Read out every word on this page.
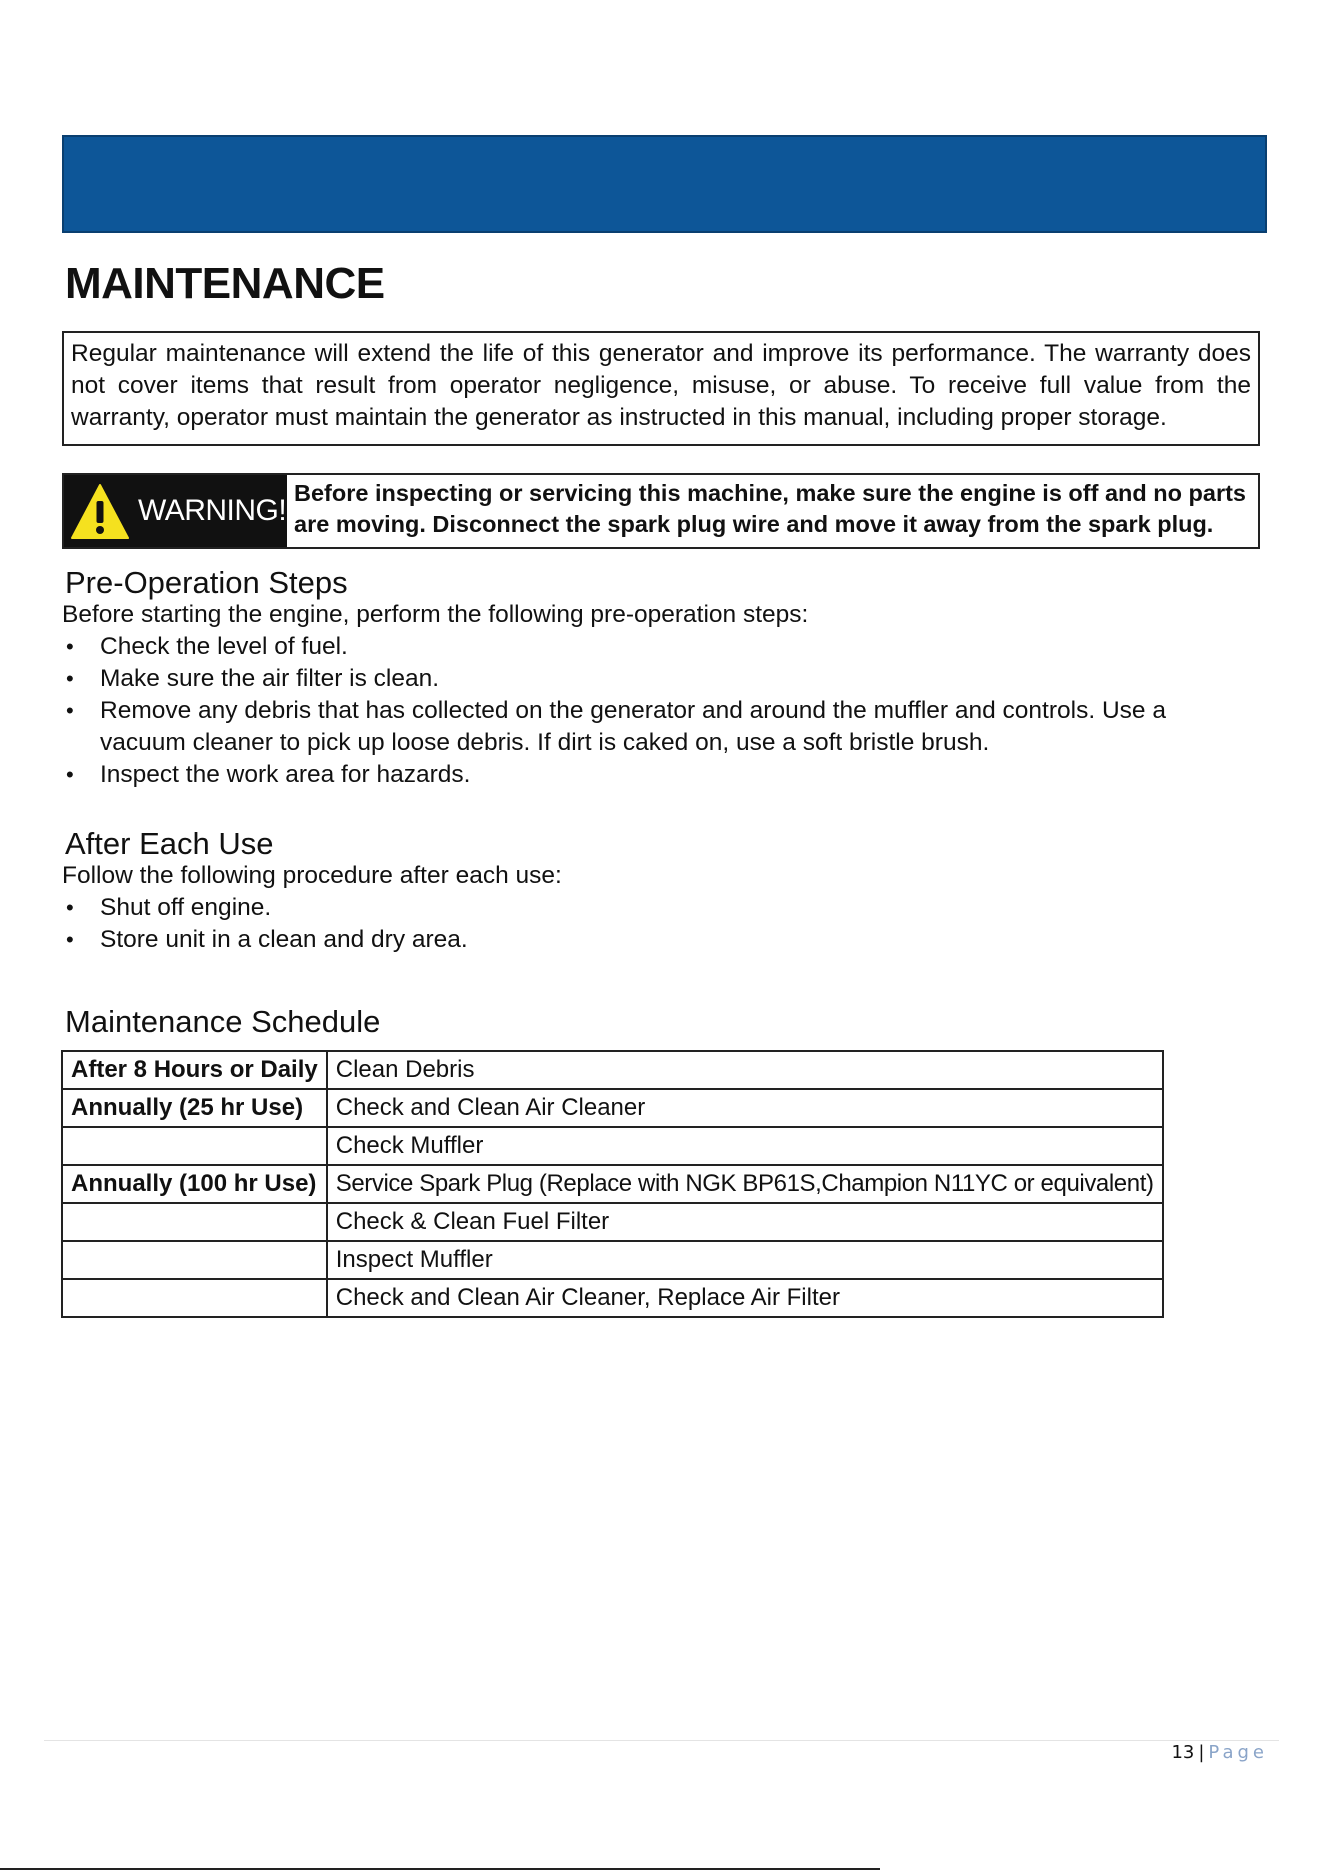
MAINTENANCE
Regular maintenance will extend the life of this generator and improve its performance. The warranty does not cover items that result from operator negligence, misuse, or abuse. To receive full value from the warranty, operator must maintain the generator as instructed in this manual, including proper storage.
WARNING!
Before inspecting or servicing this machine, make sure the engine is off and no parts are moving. Disconnect the spark plug wire and move it away from the spark plug.
Pre-Operation Steps

Before starting the engine, perform the following pre-operation steps:

• Check the level of fuel.
• Make sure the air filter is clean.
• Remove any debris that has collected on the generator and around the muffler and controls. Use a vacuum cleaner to pick up loose debris. If dirt is caked on, use a soft bristle brush.
• Inspect the work area for hazards.
After Each Use

Follow the following procedure after each use:

• Shut off engine.
• Store unit in a clean and dry area.
Maintenance Schedule
After 8 Hours or Daily	Clean Debris
Annually (25 hr Use)	Check and Clean Air Cleaner
	Check Muffler
Annually (100 hr Use)	Service Spark Plug (Replace with NGK BP61S,Champion N11YC or equivalent)
	Check & Clean Fuel Filter
	Inspect Muffler
	Check and Clean Air Cleaner, Replace Air Filter
13 | Page
